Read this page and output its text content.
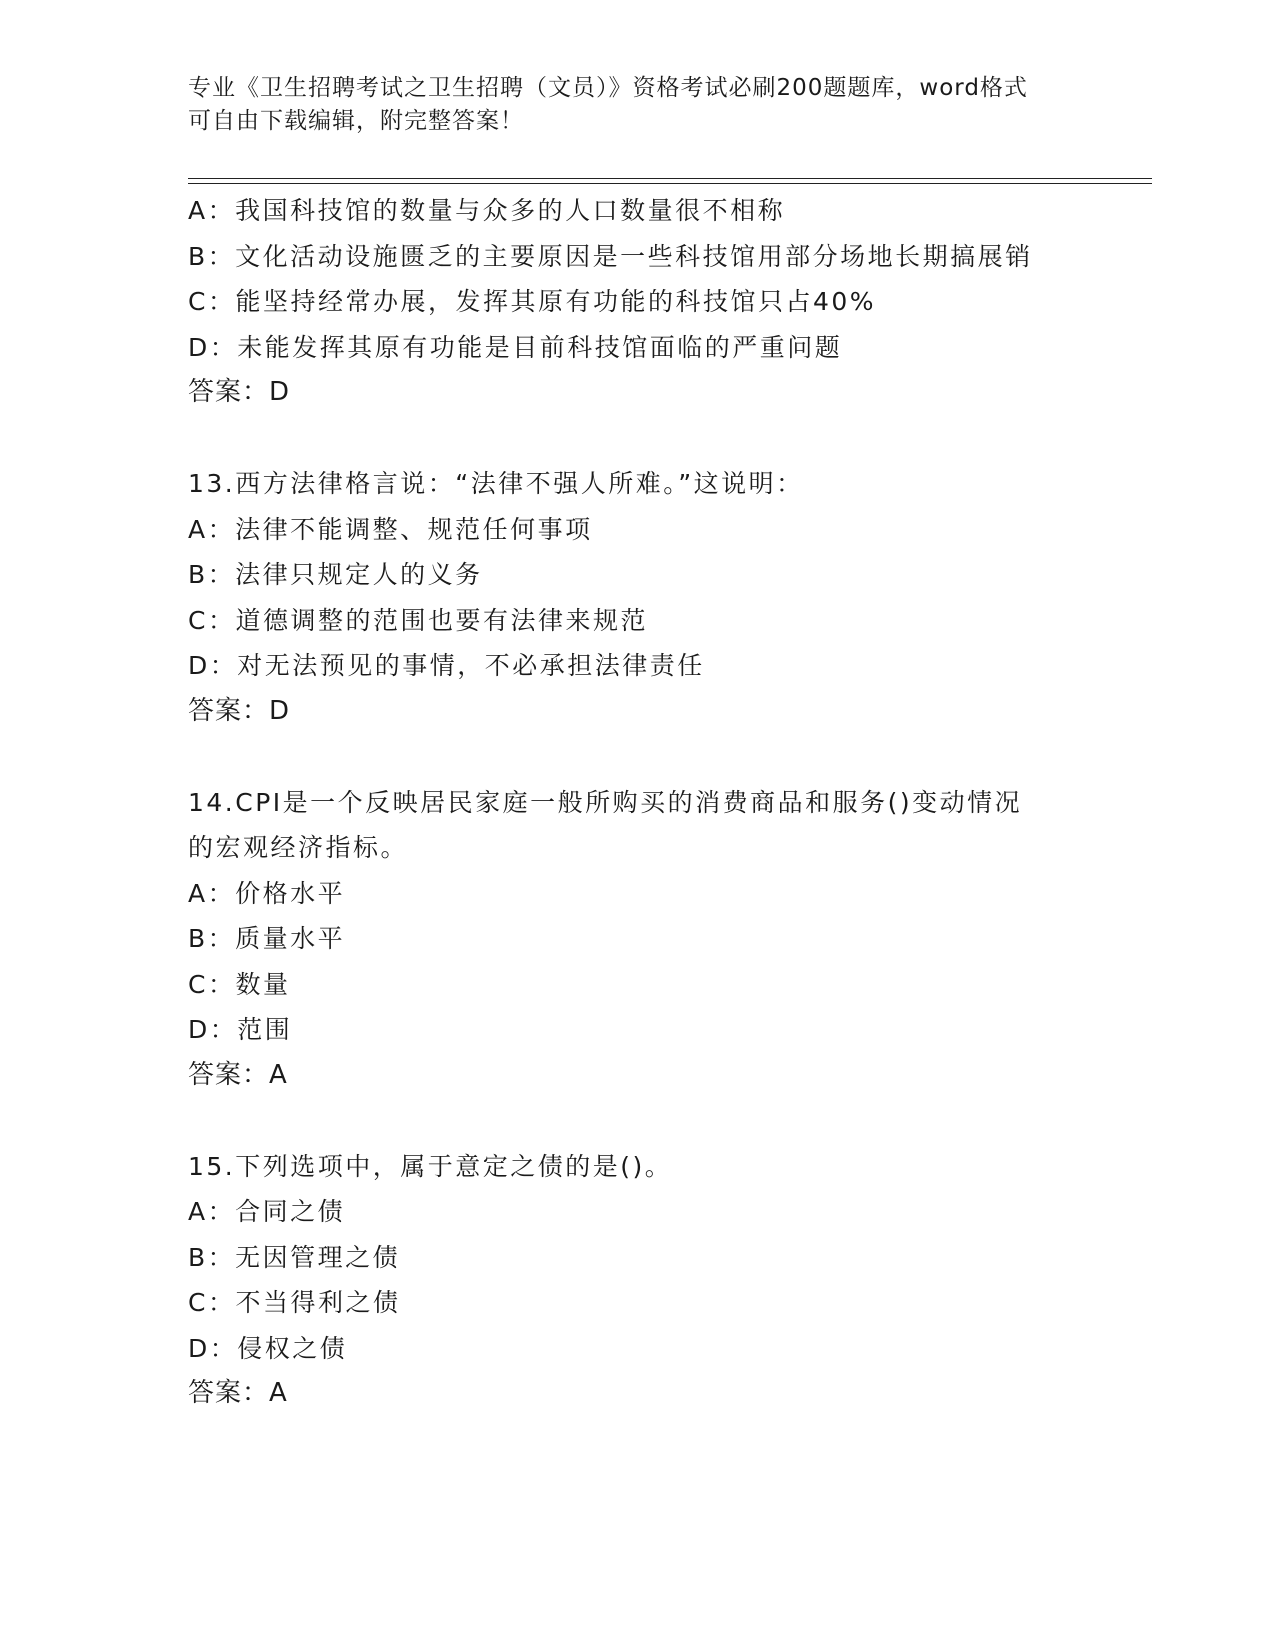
专业《卫生招聘考试之卫生招聘（文员）》资格考试必刷200题题库，word格式
可自由下载编辑，附完整答案！
A：我国科技馆的数量与众多的人口数量很不相称
B：文化活动设施匮乏的主要原因是一些科技馆用部分场地长期搞展销
C：能坚持经常办展，发挥其原有功能的科技馆只占40%
D：未能发挥其原有功能是目前科技馆面临的严重问题
答案：D
13.西方法律格言说：“法律不强人所难。”这说明：
A：法律不能调整、规范任何事项
B：法律只规定人的义务
C：道德调整的范围也要有法律来规范
D：对无法预见的事情，不必承担法律责任
答案：D
14.CPI是一个反映居民家庭一般所购买的消费商品和服务()变动情况
的宏观经济指标。
A：价格水平
B：质量水平
C：数量
D：范围
答案：A
15.下列选项中，属于意定之债的是()。
A：合同之债
B：无因管理之债
C：不当得利之债
D：侵权之债
答案：A
